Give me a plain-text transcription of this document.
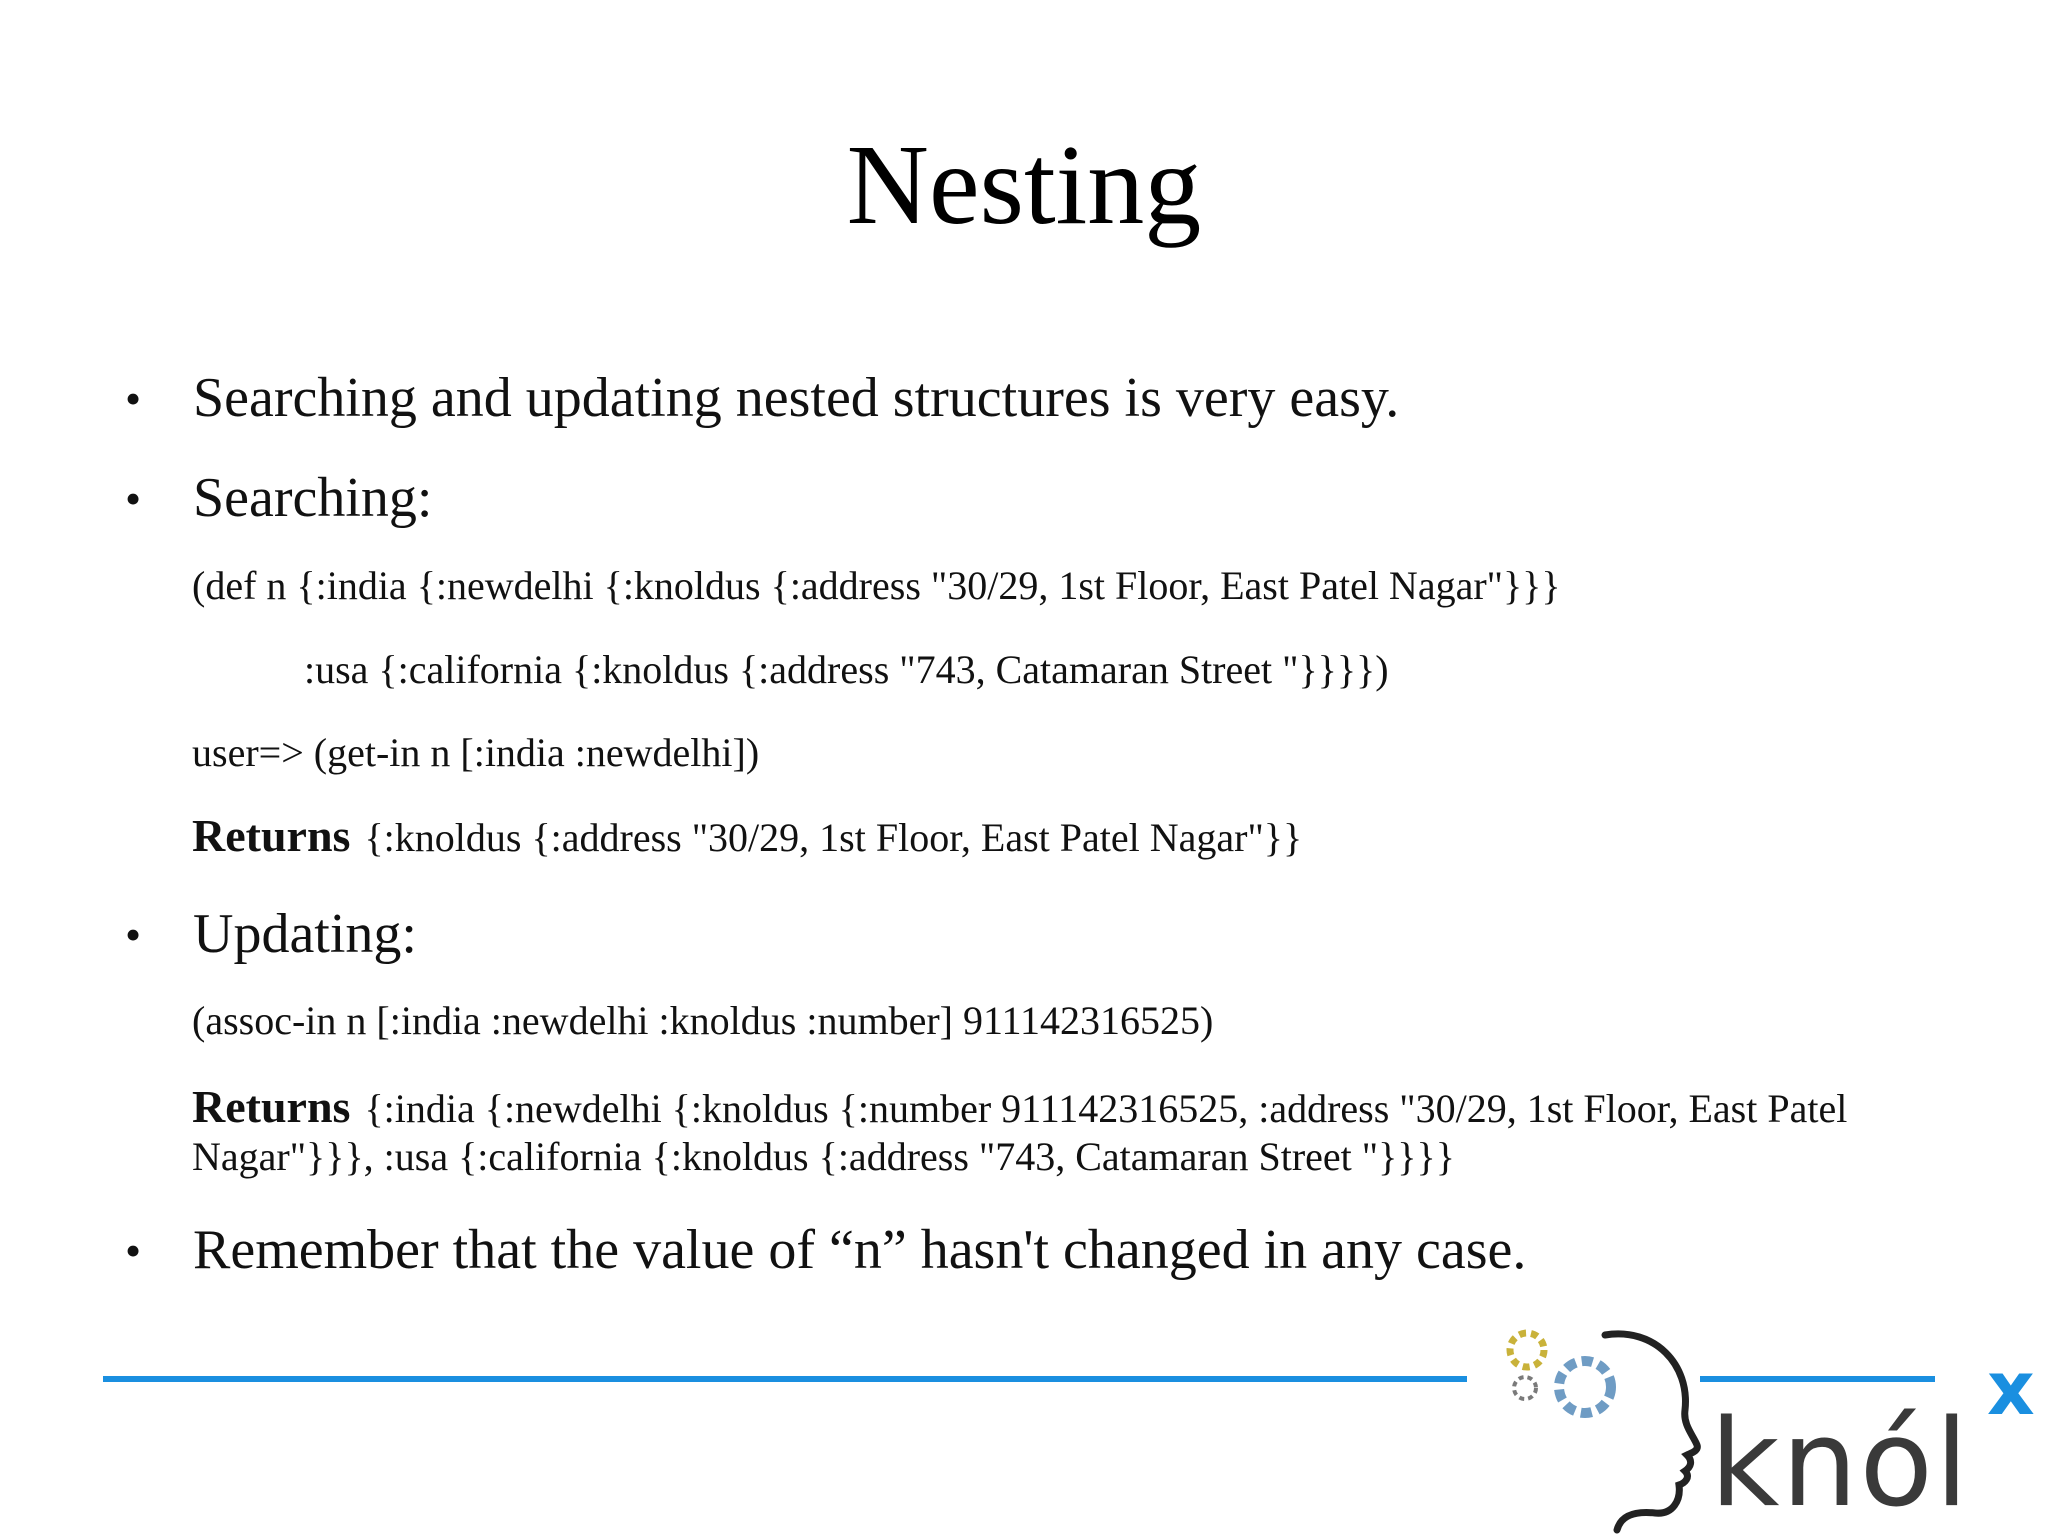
Nesting
• Searching and updating nested structures is very easy.
• Searching:
(def n {:india {:newdelhi {:knoldus {:address "30/29, 1st Floor, East Patel Nagar"}}}
:usa {:california {:knoldus {:address "743, Catamaran Street "}}}})
user=> (get-in n [:india :newdelhi])
Returns {:knoldus {:address "30/29, 1st Floor, East Patel Nagar"}}
• Updating:
(assoc-in n [:india :newdelhi :knoldus :number] 911142316525)
Returns {:india {:newdelhi {:knoldus {:number 911142316525, :address "30/29, 1st Floor, East Patel Nagar"}}}, :usa {:california {:knoldus {:address "743, Catamaran Street "}}}}
• Remember that the value of “n” hasn't changed in any case.
knól
x
